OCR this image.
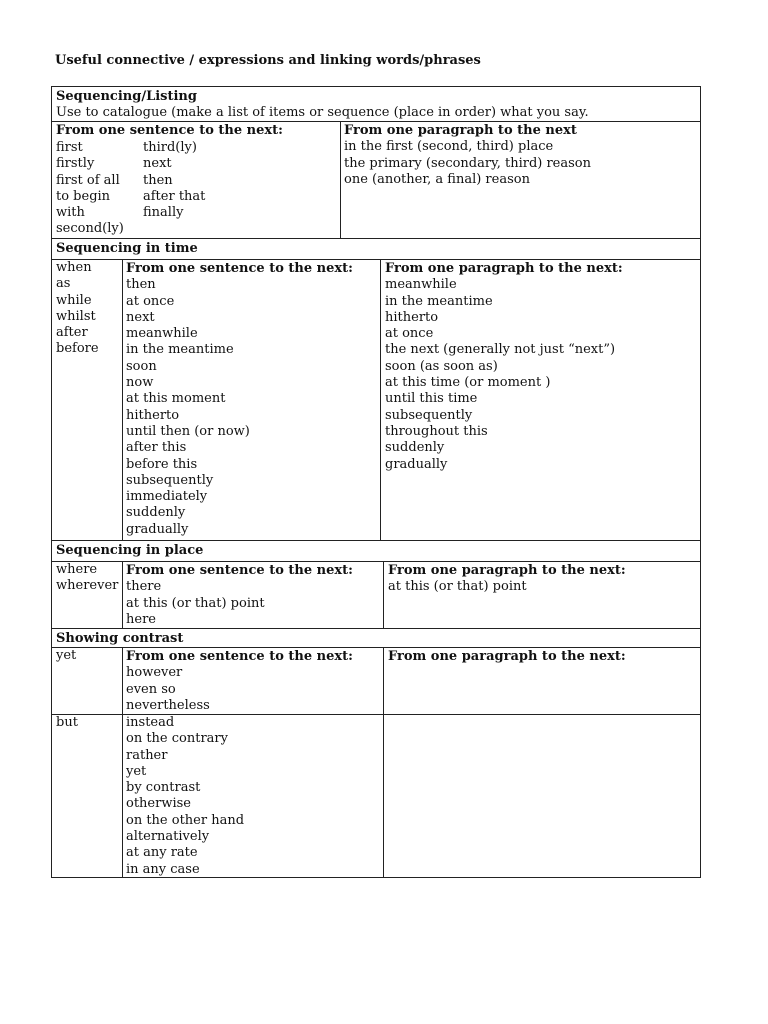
Useful connective / expressions and linking words/phrases
Sequencing/Listing
Use to catalogue (make a list of items or sequence (place in order) what you say.
From one sentence to the next:
first
firstly
first of all
to begin
with
second(ly)
third(ly)
next
then
after that
finally
From one paragraph to the next
in the first (second, third) place
the primary (secondary, third) reason
one (another, a final) reason
Sequencing in time
when
as
while
whilst
after
before
From one sentence to the next:
then
at once
next
meanwhile
in the meantime
soon
now
at this moment
hitherto
until then (or now)
after this
before this
subsequently
immediately
suddenly
gradually
From one paragraph to the next:
meanwhile
in the meantime
hitherto
at once
the next (generally not just “next”)
soon (as soon as)
at this time (or moment )
until this time
subsequently
throughout this
suddenly
gradually
Sequencing in place
where
wherever
From one sentence to the next:
there
at this (or that) point
here
From one paragraph to the next:
at this (or that) point
Showing contrast
yet	From one sentence to the next:
however
even so
nevertheless
From one paragraph to the next:
but	instead
on the contrary
rather
yet
by contrast
otherwise
on the other hand
alternatively
at any rate
in any case
